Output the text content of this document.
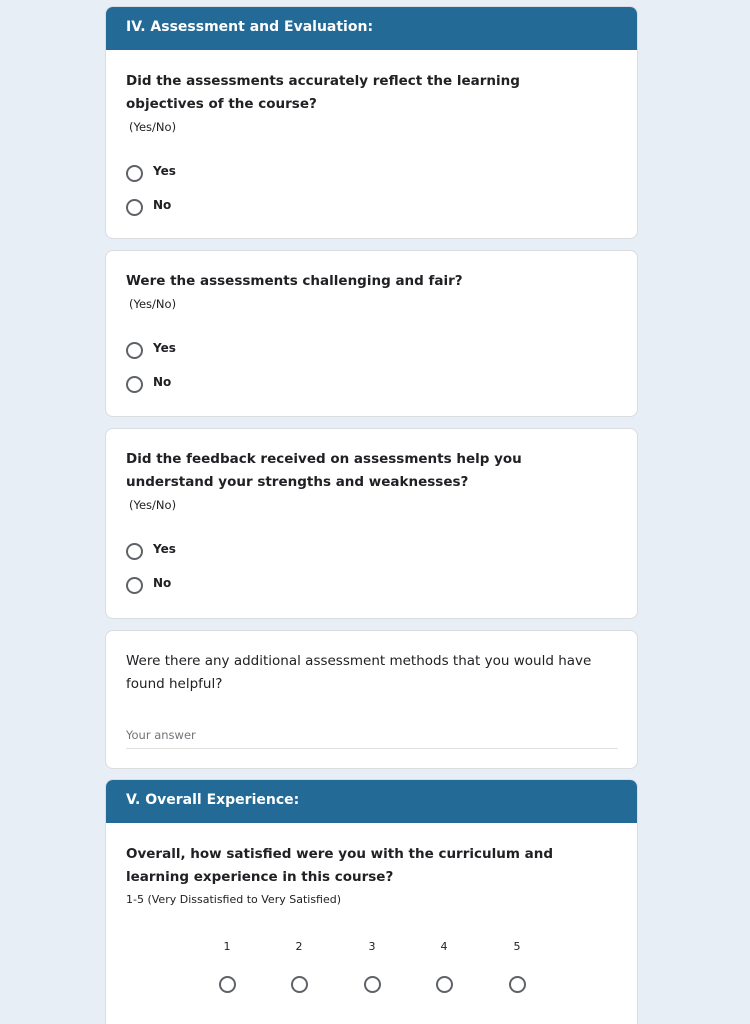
IV. Assessment and Evaluation:
Did the assessments accurately reflect the learning objectives of the course?
(Yes/No)
Yes
No
Were the assessments challenging and fair?
(Yes/No)
Yes
No
Did the feedback received on assessments help you understand your strengths and weaknesses?
(Yes/No)
Yes
No
Were there any additional assessment methods that you would have found helpful?
Your answer
V. Overall Experience:
Overall, how satisfied were you with the curriculum and learning experience in this course?
1-5 (Very Dissatisfied to Very Satisfied)
1	2	3	4	5
